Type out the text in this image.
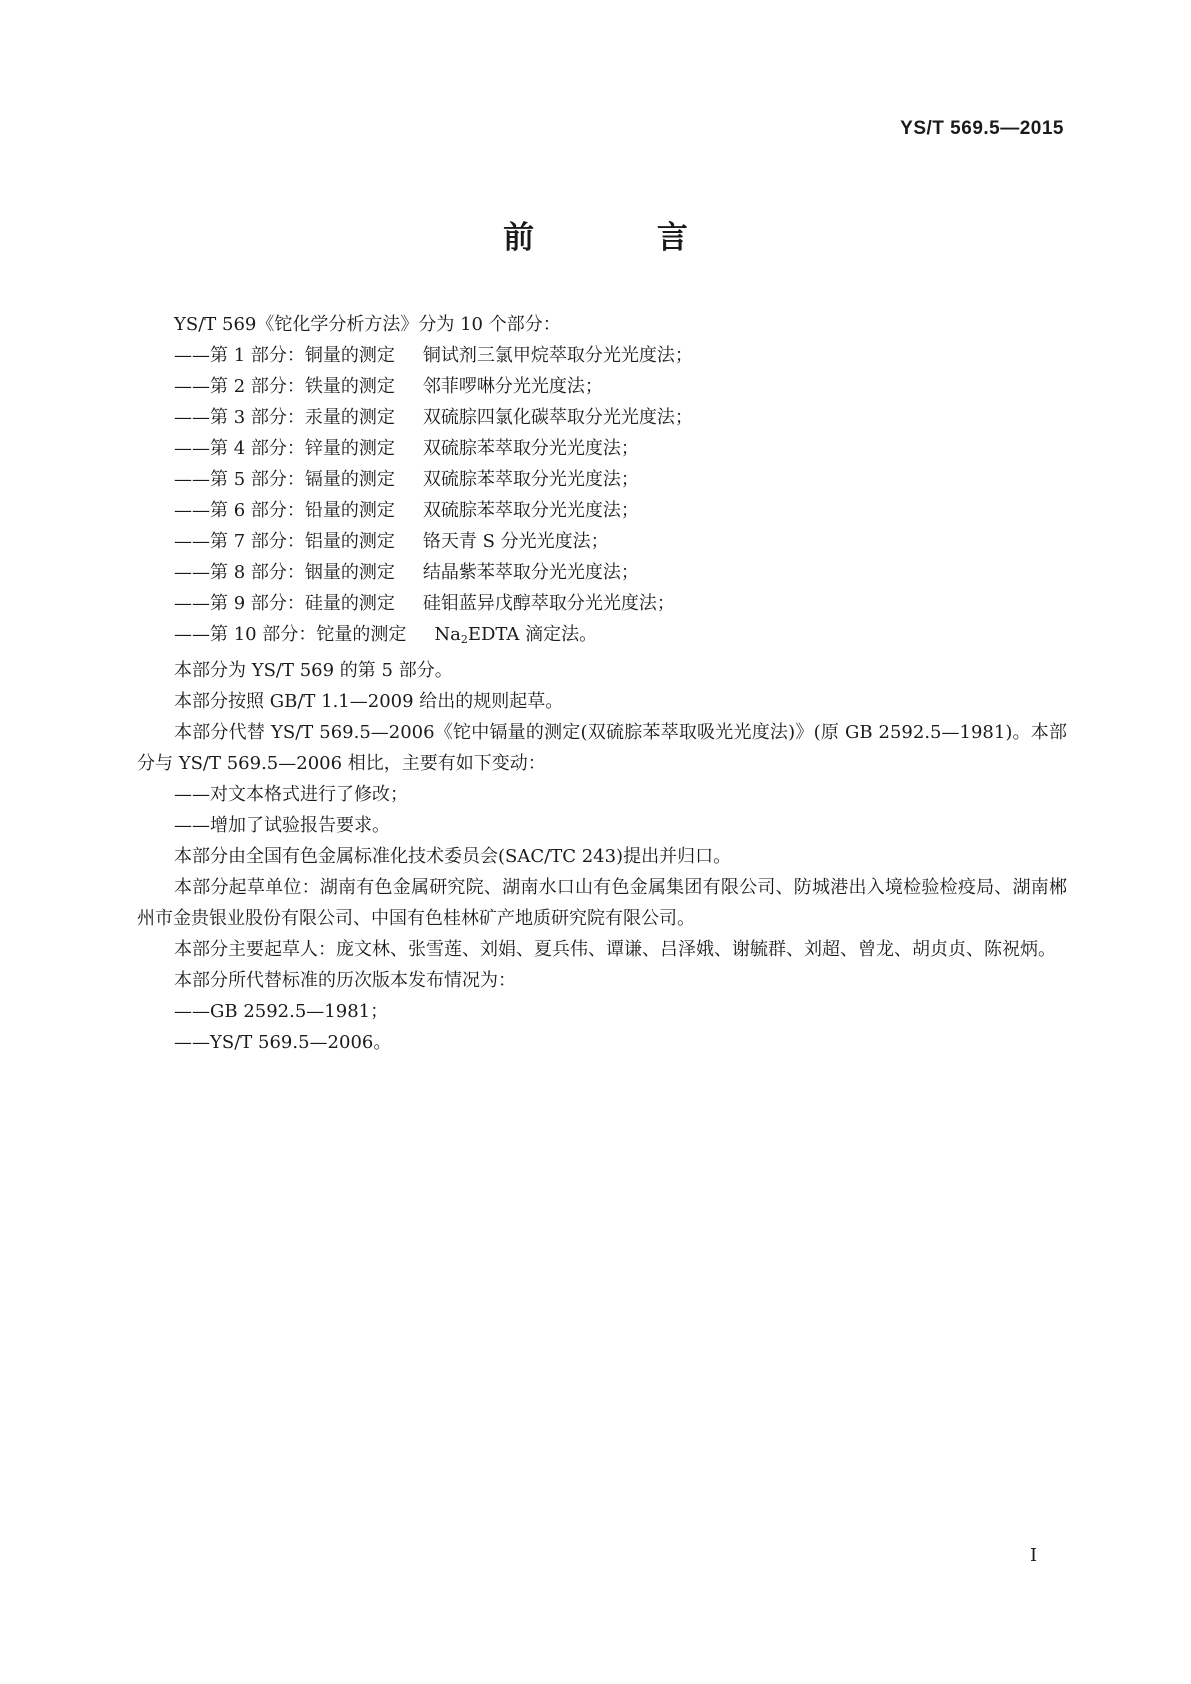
YS/T 569.5—2015
前 言

YS/T 569《铊化学分析方法》分为 10 个部分：

——第 1 部分：铜量的测定 铜试剂三氯甲烷萃取分光光度法；

——第 2 部分：铁量的测定 邻菲啰啉分光光度法；

——第 3 部分：汞量的测定 双硫腙四氯化碳萃取分光光度法；

——第 4 部分：锌量的测定 双硫腙苯萃取分光光度法；

——第 5 部分：镉量的测定 双硫腙苯萃取分光光度法；

——第 6 部分：铅量的测定 双硫腙苯萃取分光光度法；

——第 7 部分：铝量的测定 铬天青 S 分光光度法；

——第 8 部分：铟量的测定 结晶紫苯萃取分光光度法；

——第 9 部分：硅量的测定 硅钼蓝异戊醇萃取分光光度法；

——第 10 部分：铊量的测定 $Na_2EDTA$ 滴定法。

本部分为 YS/T 569 的第 5 部分。

本部分按照 GB/T 1.1—2009 给出的规则起草。

本部分代替 YS/T 569.5—2006《铊中镉量的测定(双硫腙苯萃取吸光光度法)》(原 GB 2592.5—1981)。本部分与 YS/T 569.5—2006 相比，主要有如下变动：

——对文本格式进行了修改；

——增加了试验报告要求。

本部分由全国有色金属标准化技术委员会(SAC/TC 243)提出并归口。

本部分起草单位：湖南有色金属研究院、湖南水口山有色金属集团有限公司、防城港出入境检验检疫局、湖南郴州市金贵银业股份有限公司、中国有色桂林矿产地质研究院有限公司。

本部分主要起草人：庞文林、张雪莲、刘娟、夏兵伟、谭谦、吕泽娥、谢毓群、刘超、曾龙、胡贞贞、陈祝炳。

本部分所代替标准的历次版本发布情况为：

——GB 2592.5—1981；

——YS/T 569.5—2006。

I
